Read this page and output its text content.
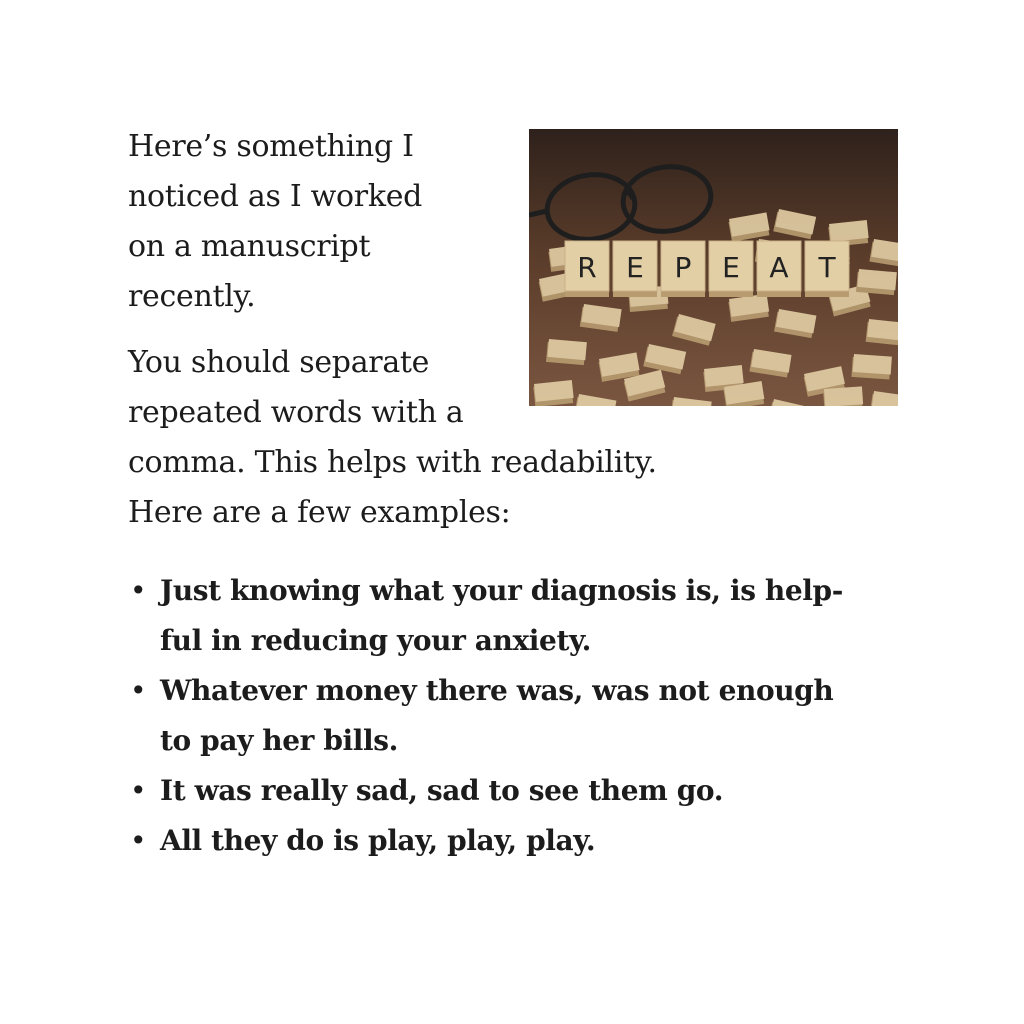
R E P E A T

Here’s something I
noticed as I worked
on a manuscript
recently.

You should separate
repeated words with a
comma. This helps with readability.
Here are a few examples:

• Just knowing what your diagnosis is, is help-
ful in reducing your anxiety.
• Whatever money there was, was not enough
to pay her bills.
• It was really sad, sad to see them go.
• All they do is play, play, play.
